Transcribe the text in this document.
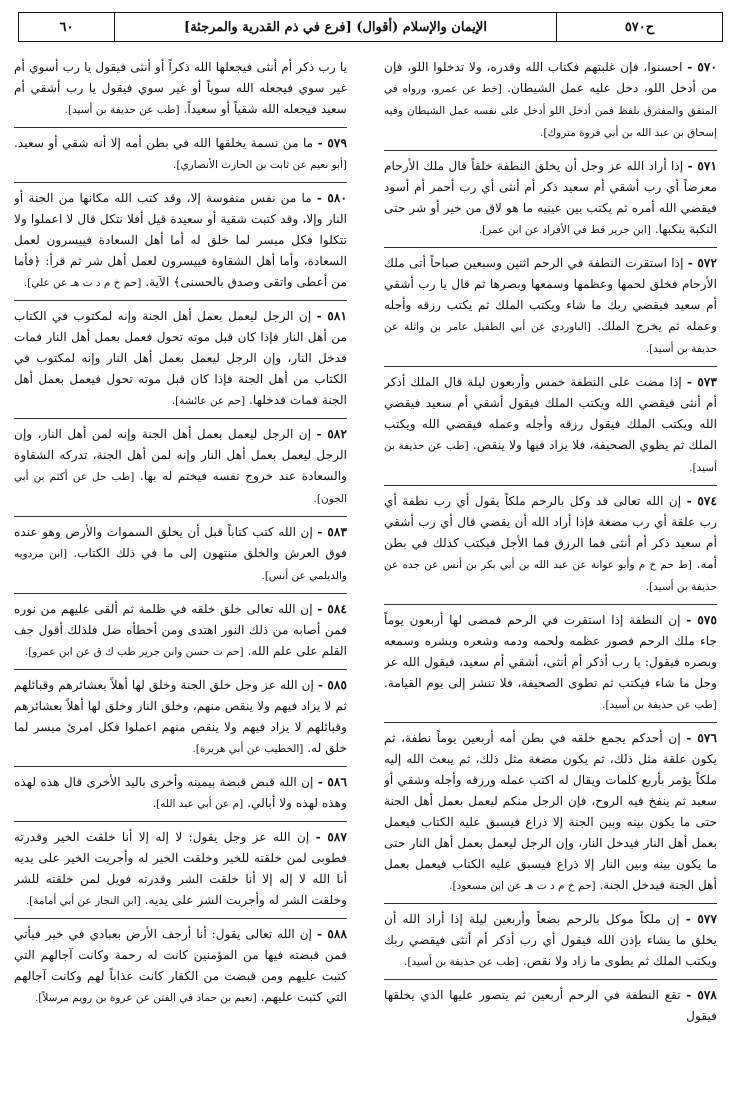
ح٥٧٠
الإيمان والإسلام (أقوال) [فرع في ذم القدرية والمرجئة]
٦٠
٥٧٠ - احسنوا، فإن غلبتهم فكتاب الله وقدره، ولا تدخلوا اللو، فإن من أدخل اللو، دخل عليه عمل الشيطان. [خط عن عمرو، ورواه في المتفق والمفترق بلفظ فمن أدخل اللو أدخل على نفسه عمل الشيطان وفيه إسحاق بن عبد الله بن أبي فروة متروك].
٥٧١ - إذا أراد الله عز وجل أن يخلق النطفة خلقاً قال ملك الأرحام معرضاً أي رب أشقي أم سعيد ذكر أم أنثى أي رب أحمر أم أسود فيقضي الله أمره ثم يكتب بين عينيه ما هو لاق من خير أو شر حتى النكبة ينكبها. [ابن جرير قط في الأفراد عن ابن عمر].
٥٧٢ - إذا استقرت النطفة في الرحم اثنين وسبعين صباحاً أتى ملك الأرحام فخلق لحمها وعظمها وسمعها وبصرها ثم قال يا رب أشقي أم سعيد فيقضي ربك ما شاء ويكتب الملك ثم يكتب رزقه وأجله وعمله ثم يخرج الملك. [الباوردي عن أبي الطفيل عامر بن واثلة عن حذيفة بن أسيد].
٥٧٣ - إذا مضت على النطفة خمس وأربعون ليلة قال الملك أذكر أم أنثى فيقضي الله ويكتب الملك فيقول أشقي أم سعيد فيقضي الله ويكتب الملك فيقول رزقه وأجله وعمله فيقضي الله ويكتب الملك ثم يطوي الصحيفة، فلا يزاد فيها ولا ينقص. [طب عن حذيفة بن أسيد].
٥٧٤ - إن الله تعالى قد وكل بالرحم ملكاً يقول أي رب نطفة أي رب علقة أي رب مضغة فإذا أراد الله أن يقضي قال أي رب أشقي أم سعيد ذكر أم أنثى فما الرزق فما الأجل فيكتب كذلك في بطن أمه. [ط حم خ م وأبو عوانة عن عبد الله بن أبي بكر بن أنس عن جده عن حذيفة بن أسيد].
٥٧٥ - إن النطفة إذا استقرت في الرحم فمضى لها أربعون يوماً جاء ملك الرحم فصور عظمه ولحمه ودمه وشعره وبشره وسمعه وبصره فيقول: يا رب أذكر أم أنثى، أشقي أم سعيد، فيقول الله عز وجل ما شاء فيكتب ثم تطوى الصحيفة، فلا تنشر إلى يوم القيامة. [طب عن حذيفة بن أسيد].
٥٧٦ - إن أحدكم يجمع خلقه في بطن أمه أربعين يوماً نطفة، ثم يكون علقة مثل ذلك، ثم يكون مضغة مثل ذلك، ثم يبعث الله إليه ملكاً يؤمر بأربع كلمات ويقال له اكتب عمله ورزقه وأجله وشقي أو سعيد ثم ينفخ فيه الروح، فإن الرجل منكم ليعمل بعمل أهل الجنة حتى ما يكون بينه وبين الجنة إلا ذراع فيسبق عليه الكتاب فيعمل بعمل أهل النار فيدخل النار، وإن الرجل ليعمل بعمل أهل النار حتى ما يكون بينه وبين النار إلا ذراع فيسبق عليه الكتاب فيعمل بعمل أهل الجنة فيدخل الجنة. [حم خ م د ت هـ عن ابن مسعود].
٥٧٧ - إن ملكاً موكل بالرحم بضعاً وأربعين ليلة إذا أراد الله أن يخلق ما يشاء بإذن الله فيقول أي رب أذكر أم أنثى فيقضي ربك ويكتب الملك ثم يطوى ما زاد ولا نقص. [طب عن حذيفة بن أسيد].
٥٧٨ - تقع النطفة في الرحم أربعين ثم يتصور عليها الذي يخلقها فيقول
يا رب ذكر أم أنثى فيجعلها الله ذكراً أو أنثى فيقول يا رب أسوي أم غير سوي فيجعله الله سوياً أو غير سوي فيقول يا رب أشقي أم سعيد فيجعله الله شقياً أو سعيداً. [طب عن حذيفة بن أسيد].
٥٧٩ - ما من نسمة يخلقها الله في بطن أمه إلا أنه شقي أو سعيد. [أبو نعيم عن ثابت بن الحارث الأنصاري].
٥٨٠ - ما من نفس منفوسة إلا، وقد كتب الله مكانها من الجنة أو النار وإلا، وقد كتبت شقية أو سعيدة قيل أفلا نتكل قال لا اعملوا ولا تتكلوا فكل ميسر لما خلق له أما أهل السعادة فييسرون لعمل السعادة، وأما أهل الشقاوة فييسرون لعمل أهل شر ثم قرأ: ﴿فأما من أعطى واتقى وصدق بالحسنى﴾ الآية. [حم خ م د ت هـ عن علي].
٥٨١ - إن الرجل ليعمل بعمل أهل الجنة وإنه لمكتوب في الكتاب من أهل النار فإذا كان قبل موته تحول فعمل بعمل أهل النار فمات فدخل النار، وإن الرجل ليعمل بعمل أهل النار وإنه لمكتوب في الكتاب من أهل الجنة فإذا كان قبل موته تحول فيعمل بعمل أهل الجنة فمات فدخلها. [حم عن عائشة].
٥٨٢ - إن الرجل ليعمل بعمل أهل الجنة وإنه لمن أهل النار، وإن الرجل ليعمل بعمل أهل النار وإنه لمن أهل الجنة، تدركه الشقاوة والسعادة عند خروج نفسه فيختم له بها. [طب حل عن أكثم بن أبي الجون].
٥٨٣ - إن الله كتب كتاباً قبل أن يخلق السموات والأرض وهو عنده فوق العرش والخلق منتهون إلى ما في ذلك الكتاب. [ابن مردويه والديلمي عن أنس].
٥٨٤ - إن الله تعالى خلق خلقه في ظلمة ثم ألقى عليهم من نوره فمن أصابه من ذلك النور اهتدى ومن أخطأه ضل فلذلك أقول جف القلم على علم الله. [حم ت حسن وابن جرير طب ك ق عن ابن عمرو].
٥٨٥ - إن الله عز وجل خلق الجنة وخلق لها أهلاً بعشائرهم وقبائلهم ثم لا يزاد فيهم ولا ينقص منهم، وخلق النار وخلق لها أهلاً بعشائرهم وقبائلهم لا يزاد فيهم ولا ينقص منهم اعملوا فكل امرئ ميسر لما خلق له. [الخطيب عن أبي هريرة].
٥٨٦ - إن الله قبض قبضة بيمينه وأخرى باليد الأخرى قال هذه لهذه وهذه لهذه ولا أبالي. [م عن أبي عبد الله].
٥٨٧ - إن الله عز وجل يقول: لا إله إلا أنا خلقت الخير وقدرته فطوبى لمن خلقته للخير وخلقت الخير له وأجريت الخير على يديه أنا الله لا إله إلا أنا خلقت الشر وقدرته فويل لمن خلقته للشر وخلقت الشر له وأجريت الشر على يديه. [ابن النجار عن أبي أمامة].
٥٨٨ - إن الله تعالى يقول: أنا أرجف الأرض بعبادي في خير فيأتي فمن قبضته فيها من المؤمنين كانت له رحمة وكانت آجالهم التي كتبت عليهم ومن قبضت من الكفار كانت عذاباً لهم وكانت آجالهم التي كتبت عليهم. [نعيم بن حماد في الفتن عن عروة بن رويم مرسلاً].
